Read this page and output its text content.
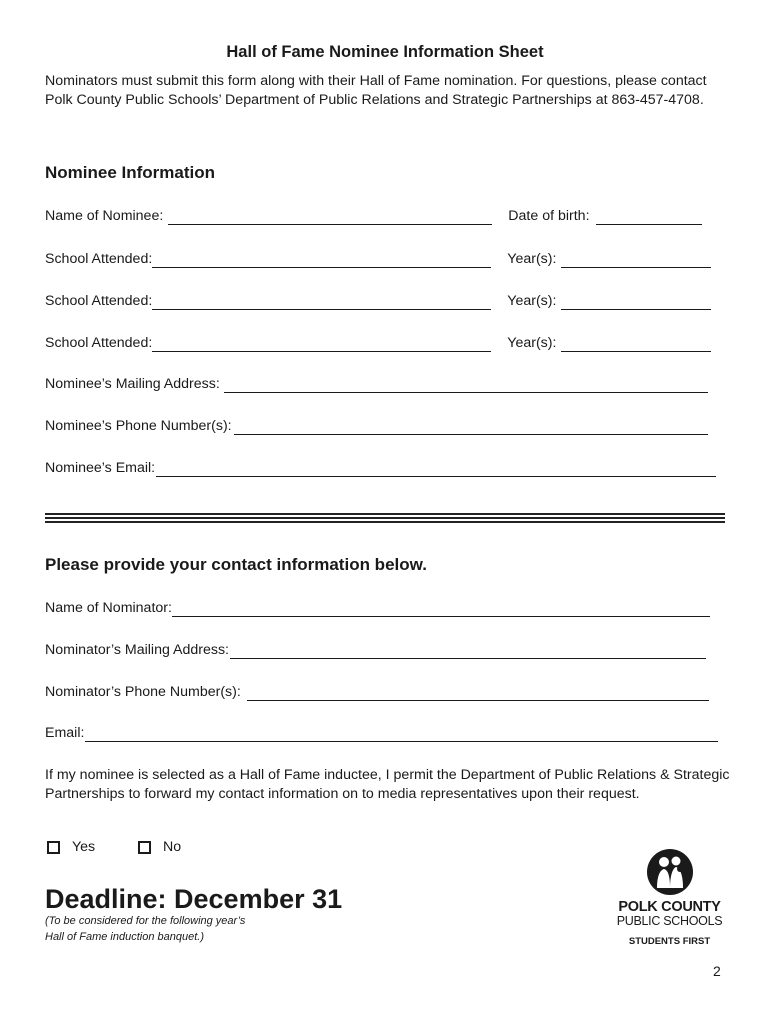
Hall of Fame Nominee Information Sheet
Nominators must submit this form along with their Hall of Fame nomination. For questions, please contact Polk County Public Schools’ Department of Public Relations and Strategic Partnerships at 863-457-4708.
Nominee Information
Name of Nominee:	Date of birth:
School Attended:	Year(s):
School Attended:	Year(s):
School Attended:	Year(s):
Nominee’s Mailing Address:
Nominee’s Phone Number(s):
Nominee’s Email:
Please provide your contact information below.
Name of Nominator:
Nominator’s Mailing Address:
Nominator’s Phone Number(s):
Email:
If my nominee is selected as a Hall of Fame inductee, I permit the Department of Public Relations & Strategic Partnerships to forward my contact information on to media representatives upon their request.
Yes	No
Deadline: December 31
(To be considered for the following year’s
Hall of Fame induction banquet.)
POLK COUNTY
PUBLIC SCHOOLS
STUDENTS FIRST
2
